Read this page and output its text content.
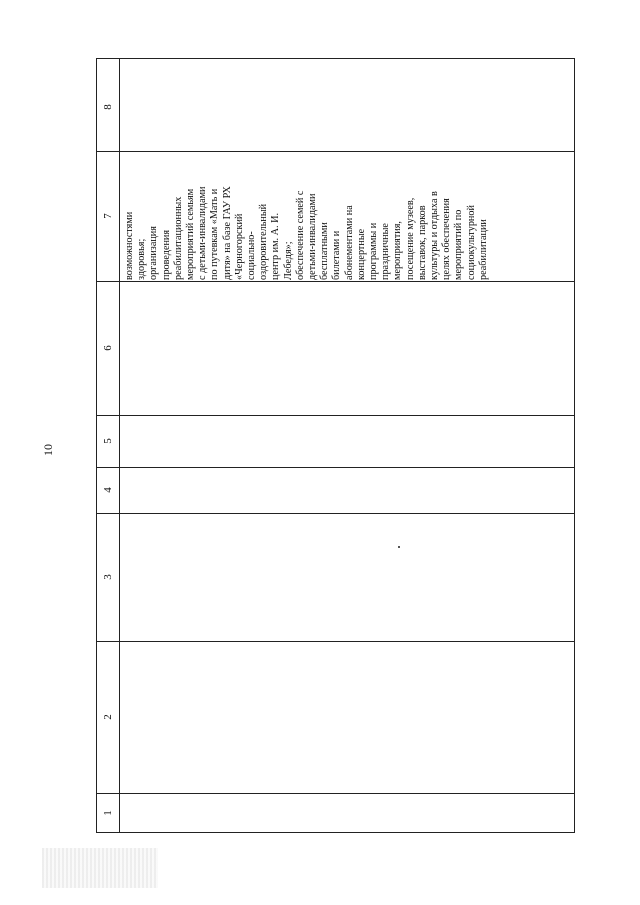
10
8
7
6
5
4
3
2
1
возможностями здоровья; организация проведения реабилитационных мероприятий семьям с детьми-инвалидами по путевкам «Мать и дитя» на базе ГАУ РХ «Черногорский социально- оздоровительный центр им. А. И. Лебедя»; обеспечение семей с детьми-инвалидами бесплатными билетами и абонементами на концертные программы и праздничные мероприятия, посещение музеев, выставок, парков культуры и отдыха в целях обеспечения мероприятий по социокультурной реабилитации
